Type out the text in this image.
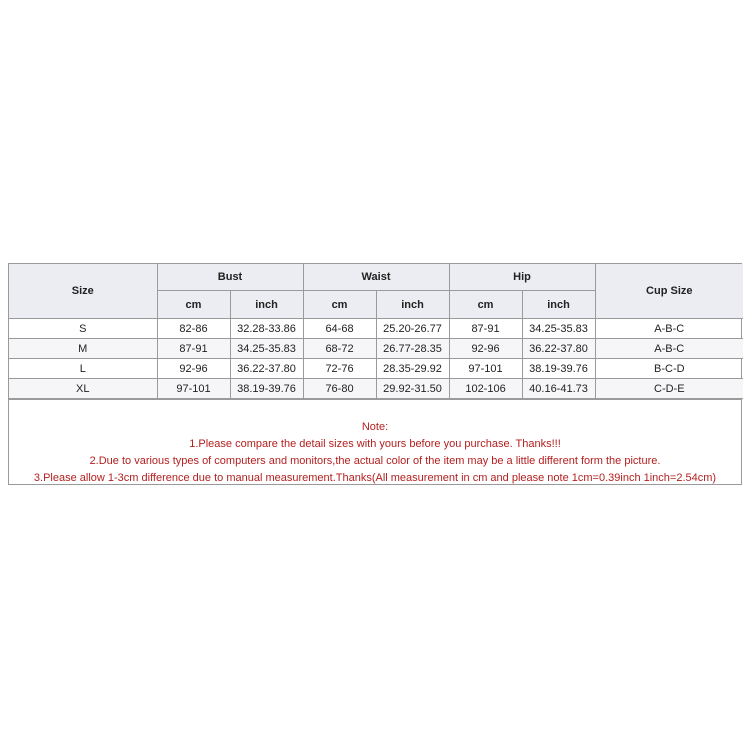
Size	Bust		Waist		Hip		Cup Size
	cm	inch	cm	inch	cm	inch	
S	82-86	32.28-33.86	64-68	25.20-26.77	87-91	34.25-35.83	A-B-C
M	87-91	34.25-35.83	68-72	26.77-28.35	92-96	36.22-37.80	A-B-C
L	92-96	36.22-37.80	72-76	28.35-29.92	97-101	38.19-39.76	B-C-D
XL	97-101	38.19-39.76	76-80	29.92-31.50	102-106	40.16-41.73	C-D-E
Note:
1.Please compare the detail sizes with yours before you purchase. Thanks!!!
2.Due to various types of computers and monitors,the actual color of the item may be a little different form the picture.
3.Please allow 1-3cm difference due to manual measurement.Thanks(All measurement in cm and please note 1cm=0.39inch 1inch=2.54cm)
